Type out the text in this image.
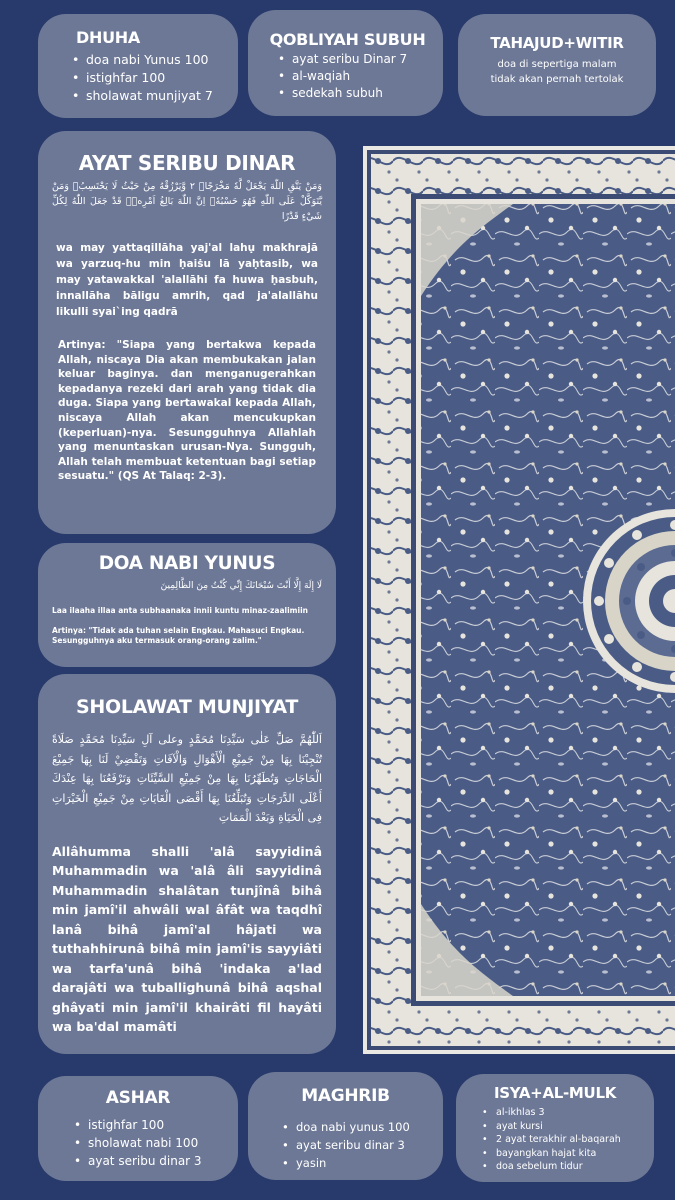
DHUHA
• doa nabi Yunus 100
• istighfar 100
• sholawat munjiyat 7
QOBLIYAH SUBUH
• ayat seribu Dinar 7
• al-waqiah
• sedekah subuh
TAHAJUD+WITIR

doa di sepertiga malam tidak akan pernah tertolak

AYAT SERIBU DINAR

وَمَنْ يَتَّقِ اللّٰهَ يَجْعَلْ لَّهٗ مَخْرَجًاۙ ٢ وَّيَرْزُقْهُ مِنْ حَيْثُ لَا يَحْتَسِبُۗ وَمَنْ يَّتَوَكَّلْ عَلَى اللّٰهِ فَهُوَ حَسْبُهٗۗ اِنَّ اللّٰهَ بَالِغُ اَمْرِهٖۗ قَدْ جَعَلَ اللّٰهُ لِكُلِّ شَيْءٍ قَدْرًا

wa may yattaqillāha yaj'al lahụ makhrajā wa yarzuq-hu min ḥaiṡu lā yaḥtasib, wa may yatawakkal 'alallāhi fa huwa ḥasbuh, innallāha bāligu amrih, qad ja'alallāhu likulli syai`ing qadrā

Artinya: "Siapa yang bertakwa kepada Allah, niscaya Dia akan membukakan jalan keluar baginya. dan menganugerahkan kepadanya rezeki dari arah yang tidak dia duga. Siapa yang bertawakal kepada Allah, niscaya Allah akan mencukupkan (keperluan)-nya. Sesungguhnya Allahlah yang menuntaskan urusan-Nya. Sungguh, Allah telah membuat ketentuan bagi setiap sesuatu." (QS At Talaq: 2-3).

DOA NABI YUNUS

لَا إِلَهَ إِلَّا أَنْتَ سُبْحَانَكَ إِنِّي كُنْتُ مِنَ الظَّالِمِينَ

Laa ilaaha illaa anta subhaanaka innii kuntu minaz-zaalimiin

Artinya: "Tidak ada tuhan selain Engkau. Mahasuci Engkau. Sesungguhnya aku termasuk orang-orang zalim."

SHOLAWAT MUNJIYAT

اَللّٰهُمَّ صَلِّ عَلٰى سَيِّدِنَا مُحَمَّدٍ وعلى آلِ سَيِّدِنَا مُحَمَّدٍ صَلَاةً تُنْجِيْنَا بِهَا مِنْ جَمِيْعِ الْأَهْوَالِ وَالْآفَاتِ وَتَقْضِيْ لَنَا بِهَا جَمِيْعَ الْحَاجَاتِ وَتُطَهِّرُنَا بِهَا مِنْ جَمِيْعِ السَّيِّئَاتِ وَتَرْفَعُنَا بِهَا عِنْدَكَ أَعْلَى الدَّرَجَاتِ وَتُبَلِّغُنَا بِهَا أَقْصَى الْغَايَاتِ مِنْ جَمِيْعِ الْخَيْرَاتِ فِى الْحَيَاةِ وَبَعْدَ الْمَمَاتِ

Allâhumma shalli 'alâ sayyidinâ Muhammadin wa 'alâ âli sayyidinâ Muhammadin shalâtan tunjînâ bihâ min jamî'il ahwâli wal âfât wa taqdhî lanâ bihâ jamî'al hâjati wa tuthahhirunâ bihâ min jamî'is sayyiâti wa tarfa'unâ bihâ 'indaka a'lad darajâti wa tuballighunâ bihâ aqshal ghâyati min jamî'il khairâti fil hayâti wa ba'dal mamâti

ASHAR
• istighfar 100
• sholawat nabi 100
• ayat seribu dinar 3
MAGHRIB
• doa nabi yunus 100
• ayat seribu dinar 3
• yasin
ISYA+AL-MULK
• al-ikhlas 3
• ayat kursi
• 2 ayat terakhir al-baqarah
• bayangkan hajat kita
• doa sebelum tidur
